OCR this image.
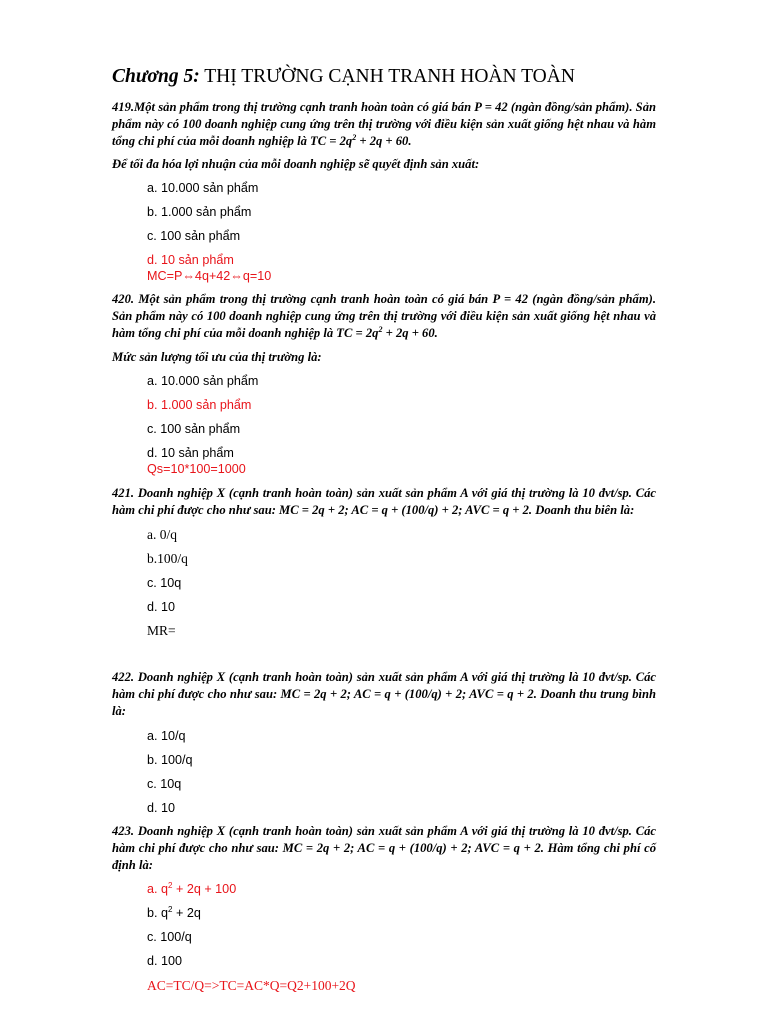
Chương 5: THỊ TRƯỜNG CẠNH TRANH HOÀN TOÀN
419.Một sản phẩm trong thị trường cạnh tranh hoàn toàn có giá bán P = 42 (ngàn đồng/sản phẩm). Sản phẩm này có 100 doanh nghiệp cung ứng trên thị trường với điều kiện sản xuất giống hệt nhau và hàm tổng chi phí của mỗi doanh nghiệp là TC = $2q^2 + 2q + 60$.
Để tối đa hóa lợi nhuận của mỗi doanh nghiệp sẽ quyết định sản xuất:
a. 10.000 sản phẩm
b. 1.000 sản phẩm
c. 100 sản phẩm
d. 10 sản phẩm
MC=P⇔4q+42⇔q=10
420. Một sản phẩm trong thị trường cạnh tranh hoàn toàn có giá bán P = 42 (ngàn đồng/sản phẩm). Sản phẩm này có 100 doanh nghiệp cung ứng trên thị trường với điều kiện sản xuất giống hệt nhau và hàm tổng chi phí của mỗi doanh nghiệp là TC = $2q^2 + 2q + 60$.
Mức sản lượng tối ưu của thị trường là:
a. 10.000 sản phẩm
b. 1.000 sản phẩm
c. 100 sản phẩm
d. 10 sản phẩm
Qs=10*100=1000
421. Doanh nghiệp X (cạnh tranh hoàn toàn) sản xuất sản phẩm A với giá thị trường là 10 đvt/sp. Các hàm chi phí được cho như sau: MC = 2q + 2; AC = q + (100/q) + 2; AVC = q + 2. Doanh thu biên là:
a. 0/q
b.100/q
c. 10q
d. 10
MR=
422. Doanh nghiệp X (cạnh tranh hoàn toàn) sản xuất sản phẩm A với giá thị trường là 10 đvt/sp. Các hàm chi phí được cho như sau: MC = 2q + 2; AC = q + (100/q) + 2; AVC = q + 2. Doanh thu trung bình là:
a. 10/q
b. 100/q
c. 10q
d. 10
423. Doanh nghiệp X (cạnh tranh hoàn toàn) sản xuất sản phẩm A với giá thị trường là 10 đvt/sp. Các hàm chi phí được cho như sau: MC = 2q + 2; AC = q + (100/q) + 2; AVC = q + 2. Hàm tổng chi phí cố định là:
a. $q^2 + 2q + 100$
b. $q^2 + 2q$
c. 100/q
d. 100
AC=TC/Q=>TC=AC*Q=Q2+100+2Q
